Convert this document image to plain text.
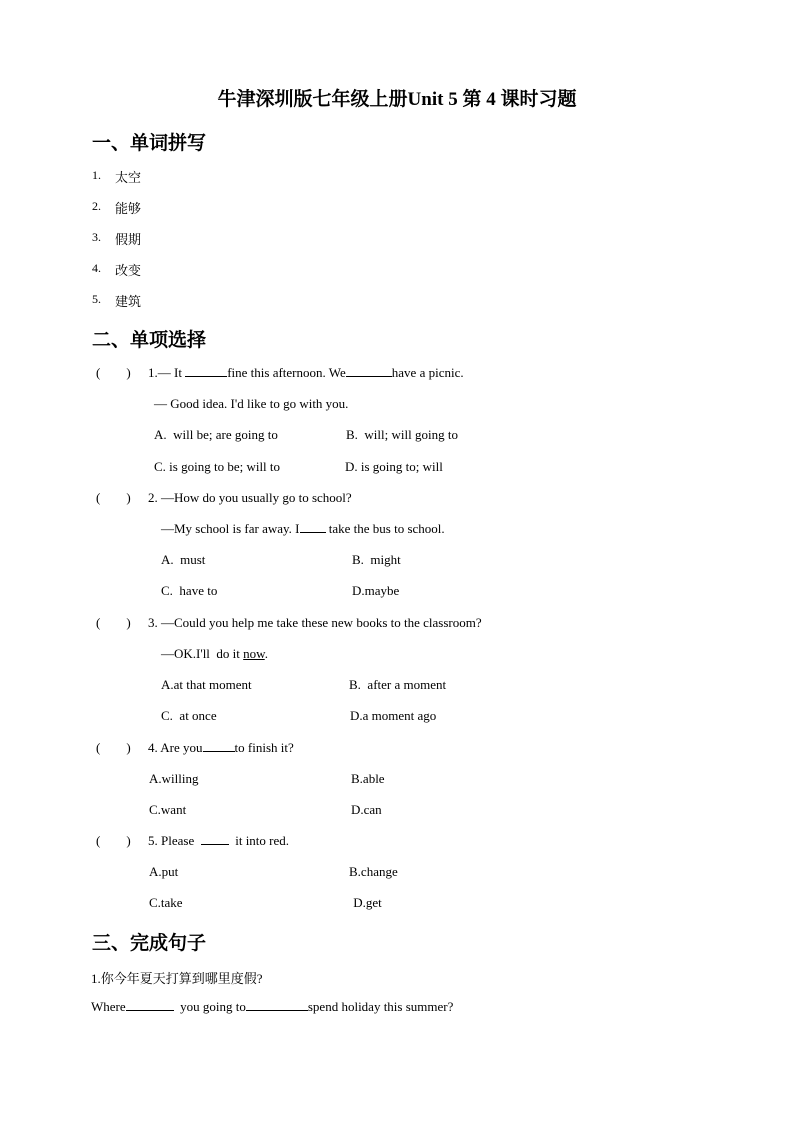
牛津深圳版七年级上册Unit 5 第 4 课时习题
一、单词拼写
1. 太空
2. 能够
3. 假期
4. 改变
5. 建筑
二、单项选择
(        ) 1.— It	fine this afternoon. We	have a picnic.
— Good idea. I'd like to go with you.
A.  will be; are going to	B.  will; will going to
C. is going to be; will to	D. is going to; will
(        ) 2. —How do you usually go to school?
—My school is far away. I take the bus to school.
A.  must	B.  might
C.  have to	D.maybe
(        ) 3. —Could you help me take these new books to the classroom?
—OK.I'll  do it now.
A.at that moment	B.  after a moment
C.  at once	D.a moment ago
(        ) 4. Are you to finish it?
A.willing	B.able
C.want	D.can
(        ) 5. Please    it into red.
A.put	B.change
C.take	D.get
三、完成句子
1.你今年夏天打算到哪里度假?
Where	you going to	spend holiday this summer?
